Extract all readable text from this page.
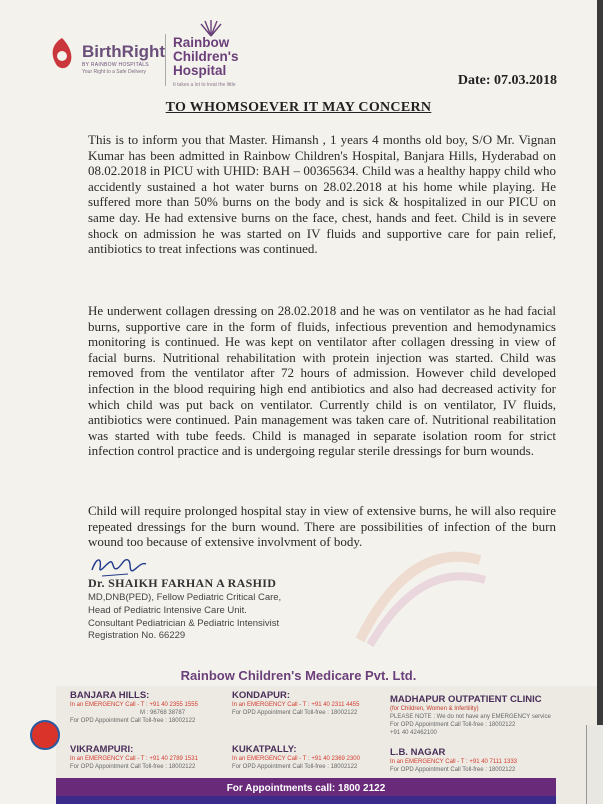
BirthRight
BY RAINBOW HOSPITALS
Your Right to a Safe Delivery
Rainbow
Children's
Hospital
It takes a lot to treat the little	Date: 07.03.2018
TO WHOMSOEVER IT MAY CONCERN
This is to inform you that Master. Himansh , 1 years 4 months old boy, S/O Mr. Vignan Kumar has been admitted in Rainbow Children's Hospital, Banjara Hills, Hyderabad on 08.02.2018 in PICU with UHID: BAH – 00365634. Child was a healthy happy child who accidently sustained a hot water burns on 28.02.2018 at his home while playing. He suffered more than 50% burns on the body and is sick & hospitalized in our PICU on same day. He had extensive burns on the face, chest, hands and feet. Child is in severe shock on admission he was started on IV fluids and supportive care for pain relief, antibiotics to treat infections was continued.
He underwent collagen dressing on 28.02.2018 and he was on ventilator as he had facial burns, supportive care in the form of fluids, infectious prevention and hemodynamics monitoring is continued. He was kept on ventilator after collagen dressing in view of facial burns. Nutritional rehabilitation with protein injection was started. Child was removed from the ventilator after 72 hours of admission. However child developed infection in the blood requiring high end antibiotics and also had decreased activity for which child was put back on ventilator. Currently child is on ventilator, IV fluids, antibiotics were continued. Pain management was taken care of. Nutritional reabilitation was started with tube feeds. Child is managed in separate isolation room for strict infection control practice and is undergoing regular sterile dressings for burn wounds.
Child will require prolonged hospital stay in view of extensive burns, he will also require repeated dressings for the burn wound. There are possibilities of infection of the burn wound too because of extensive involvment of body.
Dr. SHAIKH FARHAN A RASHID
MD,DNB(PED), Fellow Pediatric Critical Care,
Head of Pediatric Intensive Care Unit.
Consultant Pediatrician & Pediatric Intensivist
Registration No. 66229
Rainbow Children's Medicare Pvt. Ltd.
BANJARA HILLS:
In an EMERGENCY Call - T : +91 40 2355 1555
M : 96768 38787
For OPD Appointment Call Toll-free : 18002122
KONDAPUR:
In an EMERGENCY Call - T : +91 40 2311 4455
For OPD Appointment Call Toll-free : 18002122
MADHAPUR OUTPATIENT CLINIC
(for Children, Women & Infertility)
PLEASE NOTE : We do not have any EMERGENCY service
For OPD Appointment Call Toll-free : 18002122
+91 40 42462100
VIKRAMPURI:
In an EMERGENCY Call - T : +91 40 2789 1531
For OPD Appointment Call Toll-free : 18002122
KUKATPALLY:
In an EMERGENCY Call - T : +91 40 2369 2300
For OPD Appointment Call Toll-free : 18002122
L.B. NAGAR
In an EMERGENCY Call - T : +91 40 7111 1333
For OPD Appointment Call Toll-free : 18002122
For Appointments call: 1800 2122
